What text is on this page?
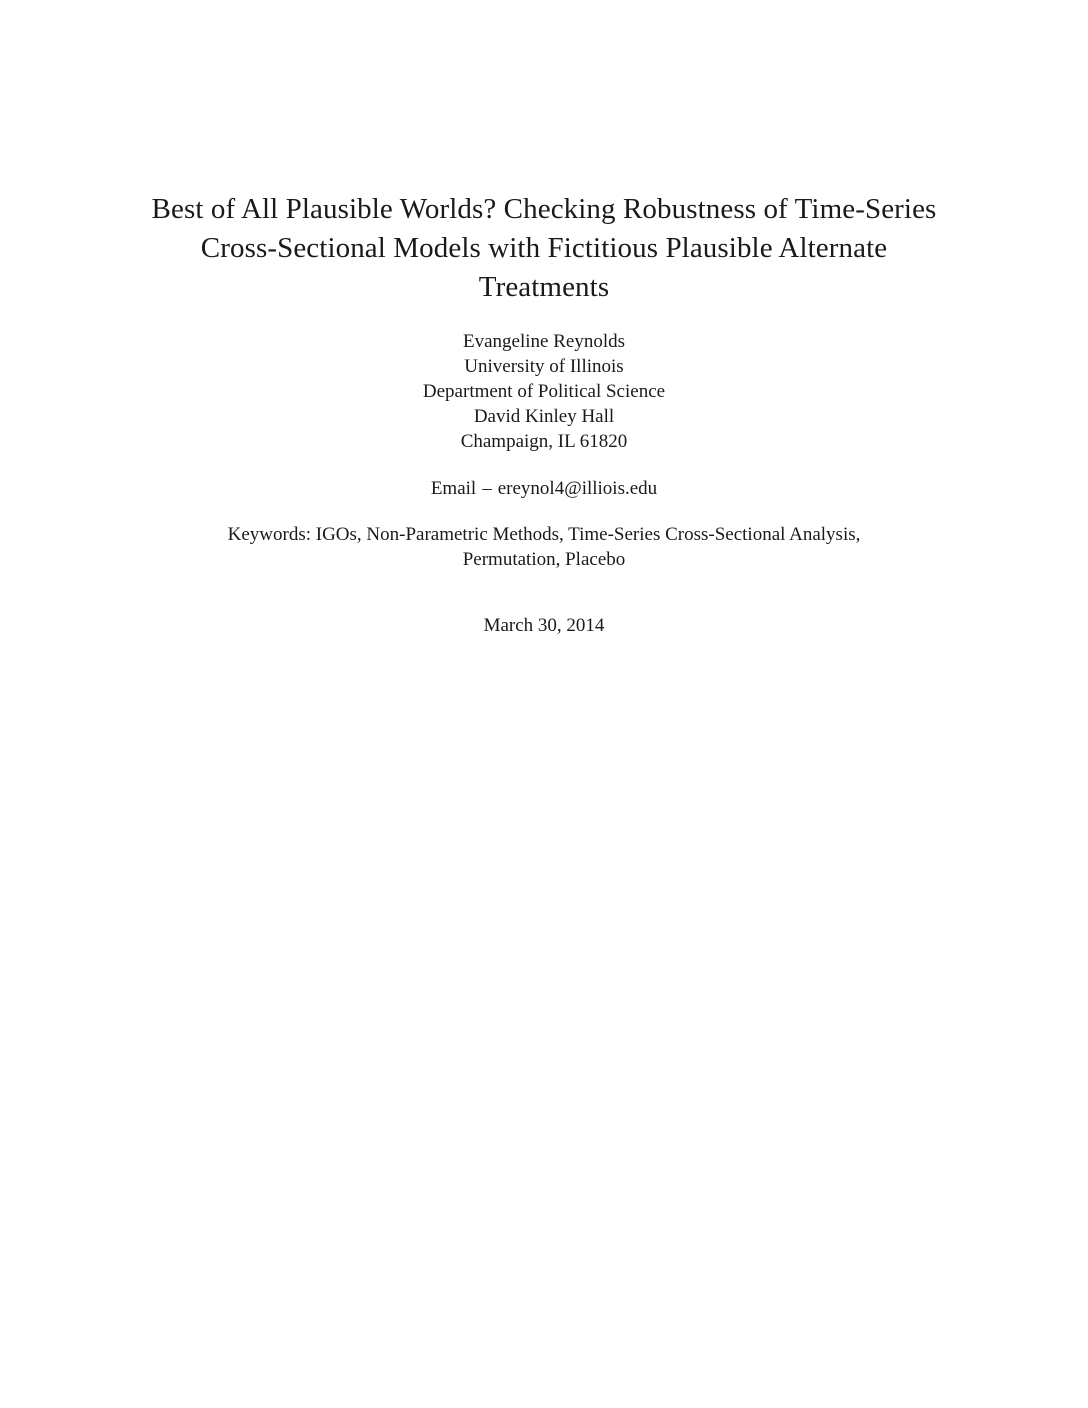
Best of All Plausible Worlds? Checking Robustness of Time-Series
Cross-Sectional Models with Fictitious Plausible Alternate
Treatments
Evangeline Reynolds
University of Illinois
Department of Political Science
David Kinley Hall
Champaign, IL 61820
Email – ereynol4@illiois.edu
Keywords: IGOs, Non-Parametric Methods, Time-Series Cross-Sectional Analysis,
Permutation, Placebo
March 30, 2014
